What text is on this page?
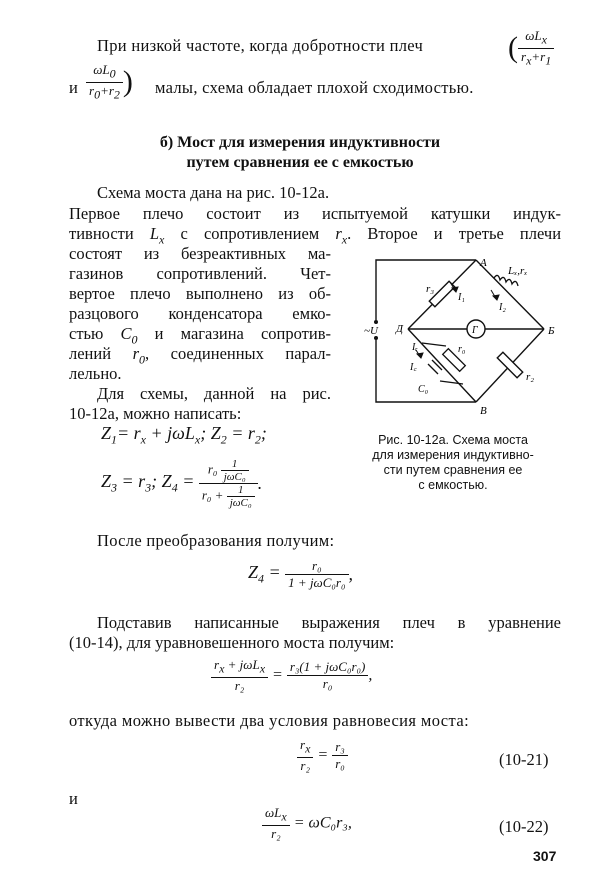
При низкой частоте, когда добротности плеч	( $\frac{\omega L_x}{r_x+r_1}$
и $\frac{\omega L_0}{r_0+r_2}$ ) малы, схема обладает плохой сходимостью.
б) Мост для измерения индуктивности
путем сравнения ее с емкостью
Схема моста дана на рис. 10-12а.
Первое плечо состоит из испытуемой катушки индук-
тивности $L_x$ с сопротивлением $r_x$. Второе и третье плечи
состоят из безреактивных ма-
газинов сопротивлений. Чет-
вертое плечо выполнено из об-
разцового конденсатора емко-
стью $C_0$ и магазина сопротив-
лений $r_0$, соединенных парал-
лельно.
Для схемы, данной на рис.
10-12а, можно написать:
$Z_1= r_x + j\omega L_x$; $Z_2 = r_2$;
$Z_3 = r_3$; $Z_4 = \frac{r_0 \frac{1}{\text{jωC₀}}}{r_0 + \frac{1}{\text{jωC₀}}}$ .
А
Б
В
Д
~U	Г
r₃
I₁
Lₓ,rₓ
r₂
I₂
r₀
Iᵣ
I꜀
C₀
Рис. 10-12а. Схема моста
для измерения индуктивно-
сти путем сравнения ее
с емкостью.
После преобразования получим:
$Z_4 = \frac{\text{r₀}}{\text{1 + jωC₀r₀}}$ ,
Подставив написанные выражения плеч в уравнение
(10-14), для уравновешенного моста получим:
$\frac{r_x + j\omega L_x}{\text{r₂}} = \frac{\text{r₃(1 + jωC₀r₀)}}{\text{r₀}}$ ,
откуда можно вывести два условия равновесия моста:
$\frac{r_x}{\text{r₂}} = \frac{\text{r₃}}{\text{r₀}}$	(10-21)
и
$\frac{\omega L_x}{\text{r₂}} = \omega C_0r_3$,	(10-22)
307
